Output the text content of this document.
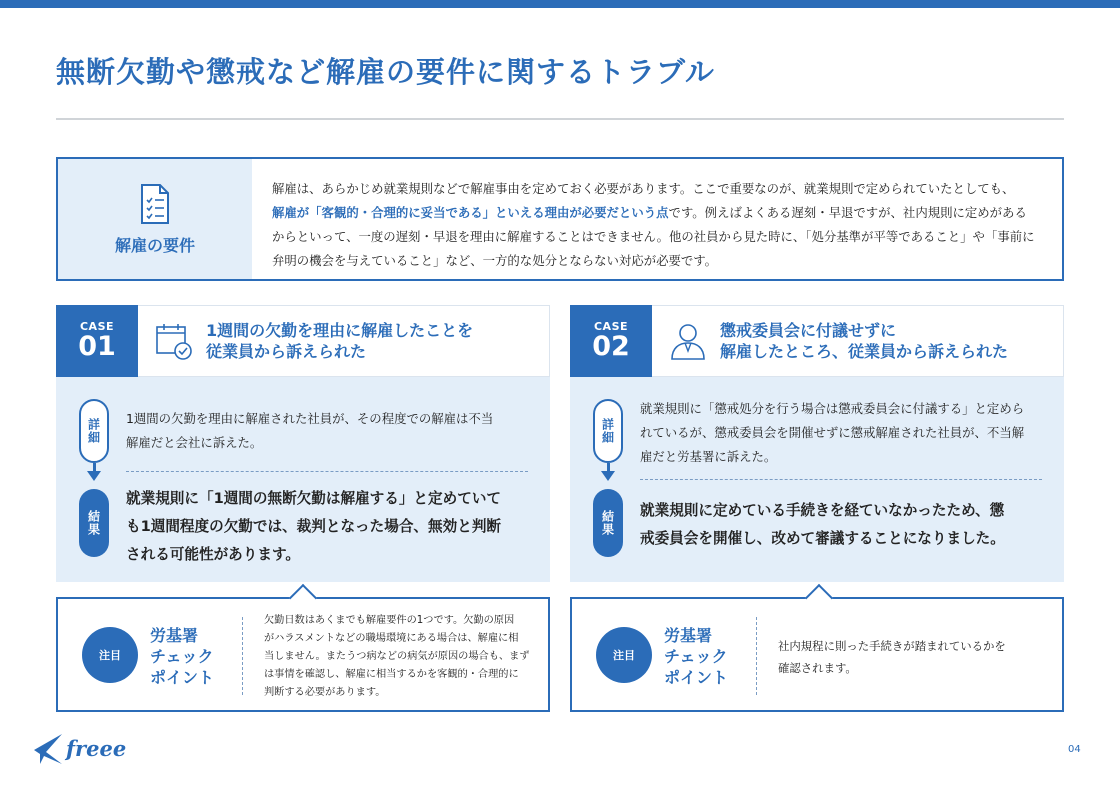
無断欠勤や懲戒など解雇の要件に関するトラブル
解雇の要件
解雇は、あらかじめ就業規則などで解雇事由を定めておく必要があります。ここで重要なのが、就業規則で定められていたとしても、
解雇が「客観的・合理的に妥当である」といえる理由が必要だという点です。例えばよくある遅刻・早退ですが、社内規則に定めがある
からといって、一度の遅刻・早退を理由に解雇することはできません。他の社員から見た時に、「処分基準が平等であること」や「事前に
弁明の機会を与えていること」など、一方的な処分とならない対応が必要です。
CASE
01
1週間の欠勤を理由に解雇したことを
従業員から訴えられた
詳細
結果
1週間の欠勤を理由に解雇された社員が、その程度での解雇は不当
解雇だと会社に訴えた。
就業規則に「1週間の無断欠勤は解雇する」と定めていて
も1週間程度の欠勤では、裁判となった場合、無効と判断
される可能性があります。
注目
労基署
チェック
ポイント
欠勤日数はあくまでも解雇要件の1つです。欠勤の原因
がハラスメントなどの職場環境にある場合は、解雇に相
当しません。またうつ病などの病気が原因の場合も、まず
は事情を確認し、解雇に相当するかを客観的・合理的に
判断する必要があります。
CASE
02
懲戒委員会に付議せずに
解雇したところ、従業員から訴えられた
詳細
結果
就業規則に「懲戒処分を行う場合は懲戒委員会に付議する」と定めら
れているが、懲戒委員会を開催せずに懲戒解雇された社員が、不当解
雇だと労基署に訴えた。
就業規則に定めている手続きを経ていなかったため、懲
戒委員会を開催し、改めて審議することになりました。
注目
労基署
チェック
ポイント
社内規程に則った手続きが踏まれているかを
確認されます。
freee	04
